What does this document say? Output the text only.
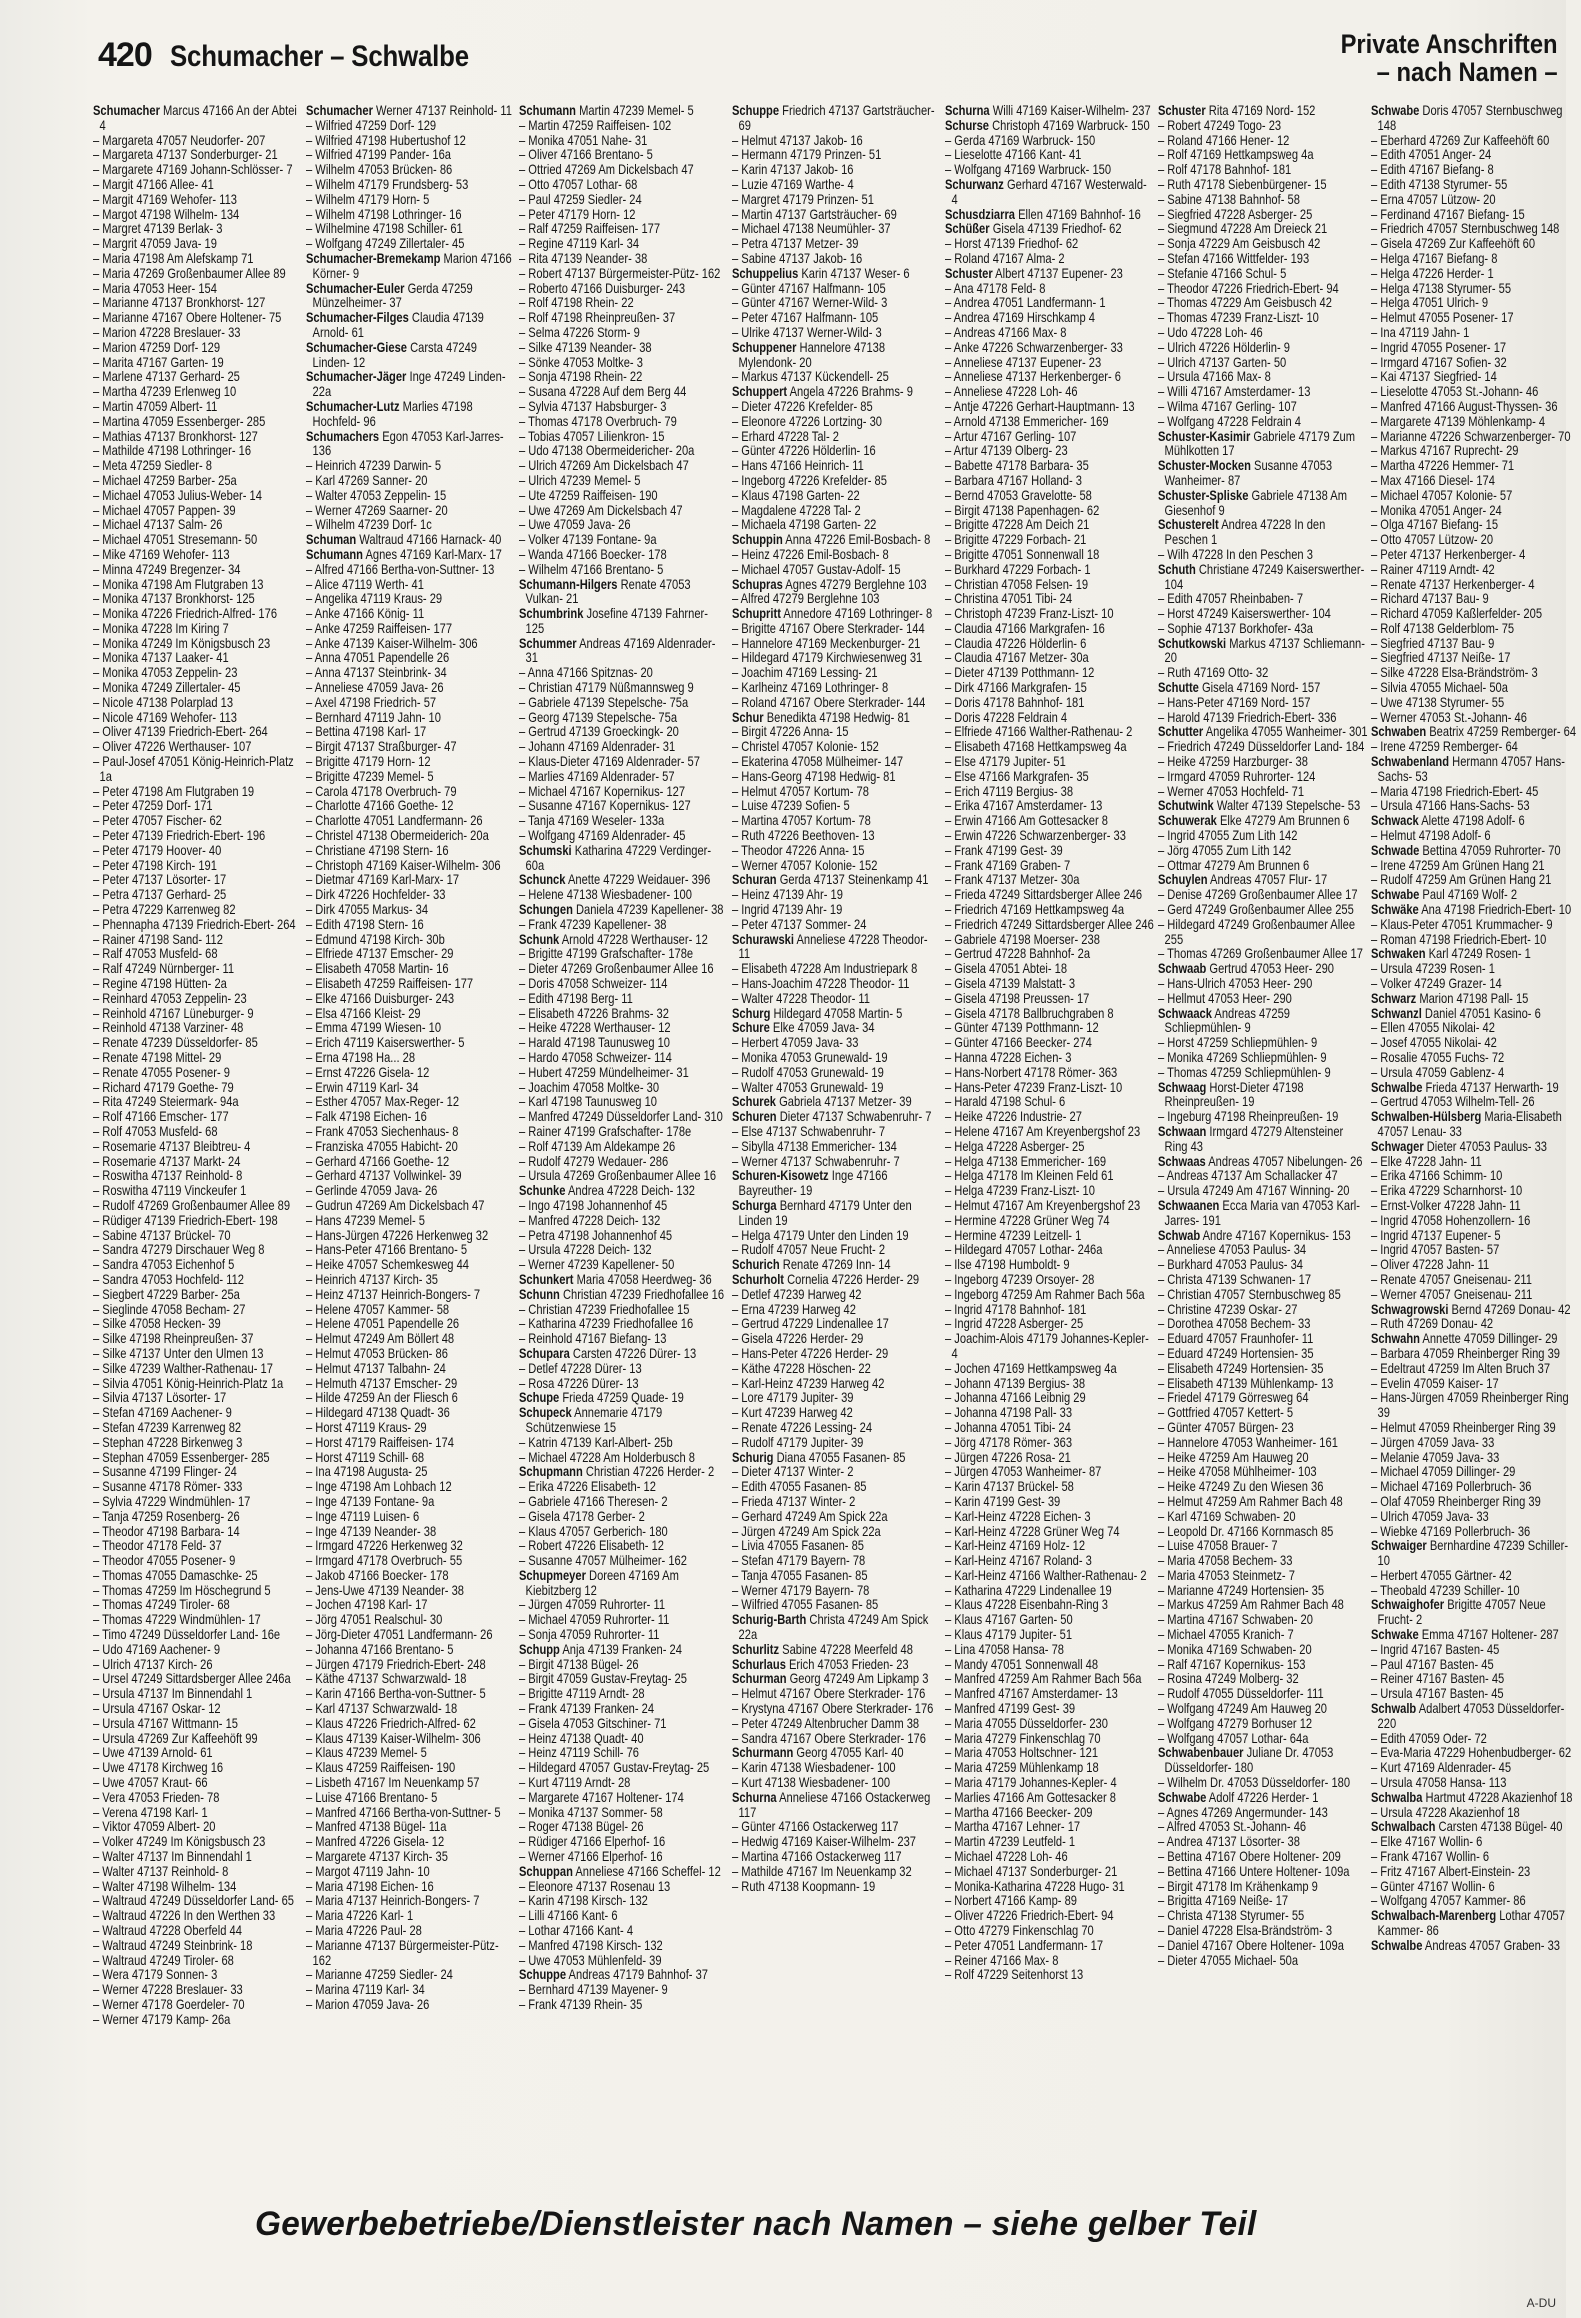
420 Schumacher – Schwalbe	Private Anschriften
– nach Namen –
Schumacher Marcus 47166 An der Abtei 4
– Margareta 47057 Neudorfer- 207
– Margareta 47137 Sonderburger- 21
– Margarete 47169 Johann-Schlösser- 7
– Margit 47166 Allee- 41
– Margit 47169 Wehofer- 113
– Margot 47198 Wilhelm- 134
– Margret 47139 Berlak- 3
– Margrit 47059 Java- 19
– Maria 47198 Am Alefskamp 71
– Maria 47269 Großenbaumer Allee 89
– Maria 47053 Heer- 154
– Marianne 47137 Bronkhorst- 127
– Marianne 47167 Obere Holtener- 75
– Marion 47228 Breslauer- 33
– Marion 47259 Dorf- 129
– Marita 47167 Garten- 19
– Marlene 47137 Gerhard- 25
– Martha 47239 Erlenweg 10
– Martin 47059 Albert- 11
– Martina 47059 Essenberger- 285
– Mathias 47137 Bronkhorst- 127
– Mathilde 47198 Lothringer- 16
– Meta 47259 Siedler- 8
– Michael 47259 Barber- 25a
– Michael 47053 Julius-Weber- 14
– Michael 47057 Pappen- 39
– Michael 47137 Salm- 26
– Michael 47051 Stresemann- 50
– Mike 47169 Wehofer- 113
– Minna 47249 Bregenzer- 34
– Monika 47198 Am Flutgraben 13
– Monika 47137 Bronkhorst- 125
– Monika 47226 Friedrich-Alfred- 176
– Monika 47228 Im Kiring 7
– Monika 47249 Im Königsbusch 23
– Monika 47137 Laaker- 41
– Monika 47053 Zeppelin- 23
– Monika 47249 Zillertaler- 45
– Nicole 47138 Polarplad 13
– Nicole 47169 Wehofer- 113
– Oliver 47139 Friedrich-Ebert- 264
– Oliver 47226 Werthauser- 107
– Paul-Josef 47051 König-Heinrich-Platz 1a
– Peter 47198 Am Flutgraben 19
– Peter 47259 Dorf- 171
– Peter 47057 Fischer- 62
– Peter 47139 Friedrich-Ebert- 196
– Peter 47179 Hoover- 40
– Peter 47198 Kirch- 191
– Peter 47137 Lösorter- 17
– Petra 47137 Gerhard- 25
– Petra 47229 Karrenweg 82
– Phennapha 47139 Friedrich-Ebert- 264
– Rainer 47198 Sand- 112
– Ralf 47053 Musfeld- 68
– Ralf 47249 Nürnberger- 11
– Regine 47198 Hütten- 2a
– Reinhard 47053 Zeppelin- 23
– Reinhold 47167 Lüneburger- 9
– Reinhold 47138 Varziner- 48
– Renate 47239 Düsseldorfer- 85
– Renate 47198 Mittel- 29
– Renate 47055 Posener- 9
– Richard 47179 Goethe- 79
– Rita 47249 Steiermark- 94a
– Rolf 47166 Emscher- 177
– Rolf 47053 Musfeld- 68
– Rosemarie 47137 Bleibtreu- 4
– Rosemarie 47137 Markt- 24
– Roswitha 47137 Reinhold- 8
– Roswitha 47119 Vinckeufer 1
– Rudolf 47269 Großenbaumer Allee 89
– Rüdiger 47139 Friedrich-Ebert- 198
– Sabine 47137 Brückel- 70
– Sandra 47279 Dirschauer Weg 8
– Sandra 47053 Eichenhof 5
– Sandra 47053 Hochfeld- 112
– Siegbert 47229 Barber- 25a
– Sieglinde 47058 Becham- 27
– Silke 47058 Hecken- 39
– Silke 47198 Rheinpreußen- 37
– Silke 47137 Unter den Ulmen 13
– Silke 47239 Walther-Rathenau- 17
– Silvia 47051 König-Heinrich-Platz 1a
– Silvia 47137 Lösorter- 17
– Stefan 47169 Aachener- 9
– Stefan 47239 Karrenweg 82
– Stephan 47228 Birkenweg 3
– Stephan 47059 Essenberger- 285
– Susanne 47199 Flinger- 24
– Susanne 47178 Römer- 333
– Sylvia 47229 Windmühlen- 17
– Tanja 47259 Rosenberg- 26
– Theodor 47198 Barbara- 14
– Theodor 47178 Feld- 37
– Theodor 47055 Posener- 9
– Thomas 47055 Damaschke- 25
– Thomas 47259 Im Höschegrund 5
– Thomas 47249 Tiroler- 68
– Thomas 47229 Windmühlen- 17
– Timo 47249 Düsseldorfer Land- 16e
– Udo 47169 Aachener- 9
– Ulrich 47137 Kirch- 26
– Ursel 47249 Sittardsberger Allee 246a
– Ursula 47137 Im Binnendahl 1
– Ursula 47167 Oskar- 12
– Ursula 47167 Wittmann- 15
– Ursula 47269 Zur Kaffeehöft 99
– Uwe 47139 Arnold- 61
– Uwe 47178 Kirchweg 16
– Uwe 47057 Kraut- 66
– Vera 47053 Frieden- 78
– Verena 47198 Karl- 1
– Viktor 47059 Albert- 20
– Volker 47249 Im Königsbusch 23
– Walter 47137 Im Binnendahl 1
– Walter 47137 Reinhold- 8
– Walter 47198 Wilhelm- 134
– Waltraud 47249 Düsseldorfer Land- 65
– Waltraud 47226 In den Werthen 33
– Waltraud 47228 Oberfeld 44
– Waltraud 47249 Steinbrink- 18
– Waltraud 47249 Tiroler- 68
– Wera 47179 Sonnen- 3
– Werner 47228 Breslauer- 33
– Werner 47178 Goerdeler- 70
– Werner 47179 Kamp- 26a
Schumacher Werner 47137 Reinhold- 11
– Wilfried 47259 Dorf- 129
– Wilfried 47198 Hubertushof 12
– Wilfried 47199 Pander- 16a
– Wilhelm 47053 Brücken- 86
– Wilhelm 47179 Frundsberg- 53
– Wilhelm 47179 Horn- 5
– Wilhelm 47198 Lothringer- 16
– Wilhelmine 47198 Schiller- 61
– Wolfgang 47249 Zillertaler- 45
Schumacher-Bremekamp Marion 47166 Körner- 9
Schumacher-Euler Gerda 47259 Münzelheimer- 37
Schumacher-Filges Claudia 47139 Arnold- 61
Schumacher-Giese Carsta 47249 Linden- 12
Schumacher-Jäger Inge 47249 Linden- 22a
Schumacher-Lutz Marlies 47198 Hochfeld- 96
Schumachers Egon 47053 Karl-Jarres- 136
– Heinrich 47239 Darwin- 5
– Karl 47269 Sanner- 20
– Walter 47053 Zeppelin- 15
– Werner 47269 Saarner- 20
– Wilhelm 47239 Dorf- 1c
Schuman Waltraud 47166 Harnack- 40
Schumann Agnes 47169 Karl-Marx- 17
– Alfred 47166 Bertha-von-Suttner- 13
– Alice 47119 Werth- 41
– Angelika 47119 Kraus- 29
– Anke 47166 König- 11
– Anke 47259 Raiffeisen- 177
– Anke 47139 Kaiser-Wilhelm- 306
– Anna 47051 Papendelle 26
– Anna 47137 Steinbrink- 34
– Anneliese 47059 Java- 26
– Axel 47198 Friedrich- 57
– Bernhard 47119 Jahn- 10
– Bettina 47198 Karl- 17
– Birgit 47137 Straßburger- 47
– Brigitte 47179 Horn- 12
– Brigitte 47239 Memel- 5
– Carola 47178 Overbruch- 79
– Charlotte 47166 Goethe- 12
– Charlotte 47051 Landfermann- 26
– Christel 47138 Obermeiderich- 20a
– Christiane 47198 Stern- 16
– Christoph 47169 Kaiser-Wilhelm- 306
– Dietmar 47169 Karl-Marx- 17
– Dirk 47226 Hochfelder- 33
– Dirk 47055 Markus- 34
– Edith 47198 Stern- 16
– Edmund 47198 Kirch- 30b
– Elfriede 47137 Emscher- 29
– Elisabeth 47058 Martin- 16
– Elisabeth 47259 Raiffeisen- 177
– Elke 47166 Duisburger- 243
– Elsa 47166 Kleist- 29
– Emma 47199 Wiesen- 10
– Erich 47119 Kaiserswerther- 5
– Erna 47198 Ha... 28
– Ernst 47226 Gisela- 12
– Erwin 47119 Karl- 34
– Esther 47057 Max-Reger- 12
– Falk 47198 Eichen- 16
– Frank 47053 Siechenhaus- 8
– Franziska 47055 Habicht- 20
– Gerhard 47166 Goethe- 12
– Gerhard 47137 Vollwinkel- 39
– Gerlinde 47059 Java- 26
– Gudrun 47269 Am Dickelsbach 47
– Hans 47239 Memel- 5
– Hans-Jürgen 47226 Herkenweg 32
– Hans-Peter 47166 Brentano- 5
– Heike 47057 Schemkesweg 44
– Heinrich 47137 Kirch- 35
– Heinz 47137 Heinrich-Bongers- 7
– Helene 47057 Kammer- 58
– Helene 47051 Papendelle 26
– Helmut 47249 Am Böllert 48
– Helmut 47053 Brücken- 86
– Helmut 47137 Talbahn- 24
– Helmuth 47137 Emscher- 29
– Hilde 47259 An der Fliesch 6
– Hildegard 47138 Quadt- 36
– Horst 47119 Kraus- 29
– Horst 47179 Raiffeisen- 174
– Horst 47119 Schill- 68
– Ina 47198 Augusta- 25
– Inge 47198 Am Lohbach 12
– Inge 47139 Fontane- 9a
– Inge 47119 Luisen- 6
– Inge 47139 Neander- 38
– Irmgard 47226 Herkenweg 32
– Irmgard 47178 Overbruch- 55
– Jakob 47166 Boecker- 178
– Jens-Uwe 47139 Neander- 38
– Jochen 47198 Karl- 17
– Jörg 47051 Realschul- 30
– Jörg-Dieter 47051 Landfermann- 26
– Johanna 47166 Brentano- 5
– Jürgen 47179 Friedrich-Ebert- 248
– Käthe 47137 Schwarzwald- 18
– Karin 47166 Bertha-von-Suttner- 5
– Karl 47137 Schwarzwald- 18
– Klaus 47226 Friedrich-Alfred- 62
– Klaus 47139 Kaiser-Wilhelm- 306
– Klaus 47239 Memel- 5
– Klaus 47259 Raiffeisen- 190
– Lisbeth 47167 Im Neuenkamp 57
– Luise 47166 Brentano- 5
– Manfred 47166 Bertha-von-Suttner- 5
– Manfred 47138 Bügel- 11a
– Manfred 47226 Gisela- 12
– Margarete 47137 Kirch- 35
– Margot 47119 Jahn- 10
– Maria 47198 Eichen- 16
– Maria 47137 Heinrich-Bongers- 7
– Maria 47226 Karl- 1
– Maria 47226 Paul- 28
– Marianne 47137 Bürgermeister-Pütz- 162
– Marianne 47259 Siedler- 24
– Marina 47119 Karl- 34
– Marion 47059 Java- 26
Schumann Martin 47239 Memel- 5
– Martin 47259 Raiffeisen- 102
– Monika 47051 Nahe- 31
– Oliver 47166 Brentano- 5
– Ottried 47269 Am Dickelsbach 47
– Otto 47057 Lothar- 68
– Paul 47259 Siedler- 24
– Peter 47179 Horn- 12
– Ralf 47259 Raiffeisen- 177
– Regine 47119 Karl- 34
– Rita 47139 Neander- 38
– Robert 47137 Bürgermeister-Pütz- 162
– Roberto 47166 Duisburger- 243
– Rolf 47198 Rhein- 22
– Rolf 47198 Rheinpreußen- 37
– Selma 47226 Storm- 9
– Silke 47139 Neander- 38
– Sönke 47053 Moltke- 3
– Sonja 47198 Rhein- 22
– Susana 47228 Auf dem Berg 44
– Sylvia 47137 Habsburger- 3
– Thomas 47178 Overbruch- 79
– Tobias 47057 Lilienkron- 15
– Udo 47138 Obermeidericher- 20a
– Ulrich 47269 Am Dickelsbach 47
– Ulrich 47239 Memel- 5
– Ute 47259 Raiffeisen- 190
– Uwe 47269 Am Dickelsbach 47
– Uwe 47059 Java- 26
– Volker 47139 Fontane- 9a
– Wanda 47166 Boecker- 178
– Wilhelm 47166 Brentano- 5
Schumann-Hilgers Renate 47053 Vulkan- 21
Schumbrink Josefine 47139 Fahrner- 125
Schummer Andreas 47169 Aldenrader- 31
– Anna 47166 Spitznas- 20
– Christian 47179 Nüßmannsweg 9
– Gabriele 47139 Stepelsche- 75a
– Georg 47139 Stepelsche- 75a
– Gertrud 47139 Groeckingk- 20
– Johann 47169 Aldenrader- 31
– Klaus-Dieter 47169 Aldenrader- 57
– Marlies 47169 Aldenrader- 57
– Michael 47167 Kopernikus- 127
– Susanne 47167 Kopernikus- 127
– Tanja 47169 Weseler- 133a
– Wolfgang 47169 Aldenrader- 45
Schumski Katharina 47229 Verdinger- 60a
Schunck Anette 47229 Weidauer- 396
– Helene 47138 Wiesbadener- 100
Schungen Daniela 47239 Kapellener- 38
– Frank 47239 Kapellener- 38
Schunk Arnold 47228 Werthauser- 12
– Brigitte 47199 Grafschafter- 178e
– Dieter 47269 Großenbaumer Allee 16
– Doris 47058 Schweizer- 114
– Edith 47198 Berg- 11
– Elisabeth 47226 Brahms- 32
– Heike 47228 Werthauser- 12
– Harald 47198 Taunusweg 10
– Hardo 47058 Schweizer- 114
– Hubert 47259 Mündelheimer- 31
– Joachim 47058 Moltke- 30
– Karl 47198 Taunusweg 10
– Manfred 47249 Düsseldorfer Land- 310
– Rainer 47199 Grafschafter- 178e
– Rolf 47139 Am Aldekampe 26
– Rudolf 47279 Wedauer- 286
– Ursula 47269 Großenbaumer Allee 16
Schunke Andrea 47228 Deich- 132
– Ingo 47198 Johannenhof 45
– Manfred 47228 Deich- 132
– Petra 47198 Johannenhof 45
– Ursula 47228 Deich- 132
– Werner 47239 Kapellener- 50
Schunkert Maria 47058 Heerdweg- 36
Schunn Christian 47239 Friedhofallee 16
– Christian 47239 Friedhofallee 15
– Katharina 47239 Friedhofallee 16
– Reinhold 47167 Biefang- 13
Schupara Carsten 47226 Dürer- 13
– Detlef 47228 Dürer- 13
– Rosa 47226 Dürer- 13
Schupe Frieda 47259 Quade- 19
Schupeck Annemarie 47179 Schützenwiese 15
– Katrin 47139 Karl-Albert- 25b
– Michael 47228 Am Holderbusch 8
Schupmann Christian 47226 Herder- 2
– Erika 47226 Elisabeth- 12
– Gabriele 47166 Theresen- 2
– Gisela 47178 Gerber- 2
– Klaus 47057 Gerberich- 180
– Robert 47226 Elisabeth- 12
– Susanne 47057 Mülheimer- 162
Schupmeyer Doreen 47169 Am Kiebitzberg 12
– Jürgen 47059 Ruhrorter- 11
– Michael 47059 Ruhrorter- 11
– Sonja 47059 Ruhrorter- 11
Schupp Anja 47139 Franken- 24
– Birgit 47138 Bügel- 26
– Birgit 47059 Gustav-Freytag- 25
– Brigitte 47119 Arndt- 28
– Frank 47139 Franken- 24
– Gisela 47053 Gitschiner- 71
– Heinz 47138 Quadt- 40
– Heinz 47119 Schill- 76
– Hildegard 47057 Gustav-Freytag- 25
– Kurt 47119 Arndt- 28
– Margarete 47167 Holtener- 174
– Monika 47137 Sommer- 58
– Roger 47138 Bügel- 26
– Rüdiger 47166 Elperhof- 16
– Werner 47166 Elperhof- 16
Schuppan Anneliese 47166 Scheffel- 12
– Eleonore 47137 Rosenau 13
– Karin 47198 Kirsch- 132
– Lilli 47166 Kant- 6
– Lothar 47166 Kant- 4
– Manfred 47198 Kirsch- 132
– Uwe 47053 Mühlenfeld- 39
Schuppe Andreas 47179 Bahnhof- 37
– Bernhard 47139 Mayener- 9
– Frank 47139 Rhein- 35
Schuppe Friedrich 47137 Gartsträucher- 69
– Helmut 47137 Jakob- 16
– Hermann 47179 Prinzen- 51
– Karin 47137 Jakob- 16
– Luzie 47169 Warthe- 4
– Margret 47179 Prinzen- 51
– Martin 47137 Gartsträucher- 69
– Michael 47138 Neumühler- 37
– Petra 47137 Metzer- 39
– Sabine 47137 Jakob- 16
Schuppelius Karin 47137 Weser- 6
– Günter 47167 Halfmann- 105
– Günter 47167 Werner-Wild- 3
– Peter 47167 Halfmann- 105
– Ulrike 47137 Werner-Wild- 3
Schuppener Hannelore 47138 Mylendonk- 20
– Markus 47137 Kückendell- 25
Schuppert Angela 47226 Brahms- 9
– Dieter 47226 Krefelder- 85
– Eleonore 47226 Lortzing- 30
– Erhard 47228 Tal- 2
– Günter 47226 Hölderlin- 16
– Hans 47166 Heinrich- 11
– Ingeborg 47226 Krefelder- 85
– Klaus 47198 Garten- 22
– Magdalene 47228 Tal- 2
– Michaela 47198 Garten- 22
Schuppin Anna 47226 Emil-Bosbach- 8
– Heinz 47226 Emil-Bosbach- 8
– Michael 47057 Gustav-Adolf- 15
Schupras Agnes 47279 Berglehne 103
– Alfred 47279 Berglehne 103
Schupritt Annedore 47169 Lothringer- 8
– Brigitte 47167 Obere Sterkrader- 144
– Hannelore 47169 Meckenburger- 21
– Hildegard 47179 Kirchwiesenweg 31
– Joachim 47169 Lessing- 21
– Karlheinz 47169 Lothringer- 8
– Roland 47167 Obere Sterkrader- 144
Schur Benedikta 47198 Hedwig- 81
– Birgit 47226 Anna- 15
– Christel 47057 Koloniе- 152
– Ekaterina 47058 Mülheimer- 147
– Hans-Georg 47198 Hedwig- 81
– Helmut 47057 Kortum- 78
– Luise 47239 Sofien- 5
– Martina 47057 Kortum- 78
– Ruth 47226 Beethoven- 13
– Theodor 47226 Anna- 15
– Werner 47057 Kolonie- 152
Schuran Gerda 47137 Steinenkamp 41
– Heinz 47139 Ahr- 19
– Ingrid 47139 Ahr- 19
– Peter 47137 Sommer- 24
Schurawski Anneliese 47228 Theodor- 11
– Elisabeth 47228 Am Industriepark 8
– Hans-Joachim 47228 Theodor- 11
– Walter 47228 Theodor- 11
Schurg Hildegard 47058 Martin- 5
Schure Elke 47059 Java- 34
– Herbert 47059 Java- 33
– Monika 47053 Grunewald- 19
– Rudolf 47053 Grunewald- 19
– Walter 47053 Grunewald- 19
Schurek Gabriela 47137 Metzer- 39
Schuren Dieter 47137 Schwabenruhr- 7
– Else 47137 Schwabenruhr- 7
– Sibylla 47138 Emmericher- 134
– Werner 47137 Schwabenruhr- 7
Schuren-Kisowetz Inge 47166 Bayreuther- 19
Schurga Bernhard 47179 Unter den Linden 19
– Helga 47179 Unter den Linden 19
– Rudolf 47057 Neue Frucht- 2
Schurich Renate 47269 Inn- 14
Schurholt Cornelia 47226 Herder- 29
– Detlef 47239 Harweg 42
– Erna 47239 Harweg 42
– Gertrud 47229 Lindenallee 17
– Gisela 47226 Herder- 29
– Hans-Peter 47226 Herder- 29
– Käthe 47228 Höschen- 22
– Karl-Heinz 47239 Harweg 42
– Lore 47179 Jupiter- 39
– Kurt 47239 Harweg 42
– Renate 47226 Lessing- 24
– Rudolf 47179 Jupiter- 39
Schurig Diana 47055 Fasanen- 85
– Dieter 47137 Winter- 2
– Edith 47055 Fasanen- 85
– Frieda 47137 Winter- 2
– Gerhard 47249 Am Spick 22a
– Jürgen 47249 Am Spick 22a
– Livia 47055 Fasanen- 85
– Stefan 47179 Bayern- 78
– Tanja 47055 Fasanen- 85
– Werner 47179 Bayern- 78
– Wilfried 47055 Fasanen- 85
Schurig-Barth Christa 47249 Am Spick 22a
Schurlitz Sabine 47228 Meerfeld 48
Schurlaus Erich 47053 Frieden- 23
Schurman Georg 47249 Am Lipkamp 3
– Helmut 47167 Obere Sterkrader- 176
– Krystyna 47167 Obere Sterkrader- 176
– Peter 47249 Altenbrucher Damm 38
– Sandra 47167 Obere Sterkrader- 176
Schurmann Georg 47055 Karl- 40
– Karin 47138 Wiesbadener- 100
– Kurt 47138 Wiesbadener- 100
Schurna Anneliese 47166 Ostackerweg 117
– Günter 47166 Ostackerweg 117
– Hedwig 47169 Kaiser-Wilhelm- 237
– Martina 47166 Ostackerweg 117
– Mathilde 47167 Im Neuenkamp 32
– Ruth 47138 Koopmann- 19
Schurna Willi 47169 Kaiser-Wilhelm- 237
Schurse Christoph 47169 Warbruck- 150
– Gerda 47169 Warbruck- 150
– Lieselotte 47166 Kant- 41
– Wolfgang 47169 Warbruck- 150
Schurwanz Gerhard 47167 Westerwald- 4
Schusdziarra Ellen 47169 Bahnhof- 16
Schüßer Gisela 47139 Friedhof- 62
– Horst 47139 Friedhof- 62
– Roland 47167 Alma- 2
Schuster Albert 47137 Eupener- 23
– Ana 47178 Feld- 8
– Andrea 47051 Landfermann- 1
– Andrea 47169 Hirschkamp 4
– Andreas 47166 Max- 8
– Anke 47226 Schwarzenberger- 33
– Anneliese 47137 Eupener- 23
– Anneliese 47137 Herkenberger- 6
– Anneliese 47228 Loh- 46
– Antje 47226 Gerhart-Hauptmann- 13
– Arnold 47138 Emmericher- 169
– Artur 47167 Gerling- 107
– Artur 47139 Olberg- 23
– Babette 47178 Barbara- 35
– Barbara 47167 Holland- 3
– Bernd 47053 Gravelotte- 58
– Birgit 47138 Papenhagen- 62
– Brigitte 47228 Am Deich 21
– Brigitte 47229 Forbach- 21
– Brigitte 47051 Sonnenwall 18
– Burkhard 47229 Forbach- 1
– Christian 47058 Felsen- 19
– Christina 47051 Tibi- 24
– Christoph 47239 Franz-Liszt- 10
– Claudia 47166 Markgrafen- 16
– Claudia 47226 Hölderlin- 6
– Claudia 47167 Metzer- 30a
– Dieter 47139 Potthmann- 12
– Dirk 47166 Markgrafen- 15
– Doris 47178 Bahnhof- 181
– Doris 47228 Feldrain 4
– Elfriede 47166 Walther-Rathenau- 2
– Elisabeth 47168 Hettkampsweg 4a
– Else 47179 Jupiter- 51
– Else 47166 Markgrafen- 35
– Erich 47119 Bergius- 38
– Erika 47167 Amsterdamer- 13
– Erwin 47166 Am Gottesacker 8
– Erwin 47226 Schwarzenberger- 33
– Frank 47199 Gest- 39
– Frank 47169 Graben- 7
– Frank 47137 Metzer- 30a
– Frieda 47249 Sittardsberger Allee 246
– Friedrich 47169 Hettkampsweg 4a
– Friedrich 47249 Sittardsberger Allee 246
– Gabriele 47198 Moerser- 238
– Gertrud 47228 Bahnhof- 2a
– Gisela 47051 Abtei- 18
– Gisela 47139 Malstatt- 3
– Gisela 47198 Preussen- 17
– Gisela 47178 Ballbruchgraben 8
– Günter 47139 Potthmann- 12
– Günter 47166 Beecker- 274
– Hanna 47228 Eichen- 3
– Hans-Norbert 47178 Römer- 363
– Hans-Peter 47239 Franz-Liszt- 10
– Harald 47198 Schul- 6
– Heike 47226 Industrie- 27
– Helene 47167 Am Kreyenbergshof 23
– Helga 47228 Asberger- 25
– Helga 47138 Emmericher- 169
– Helga 47178 Im Kleinen Feld 61
– Helga 47239 Franz-Liszt- 10
– Helmut 47167 Am Kreyenbergshof 23
– Hermine 47228 Grüner Weg 74
– Hermine 47239 Leitzell- 1
– Hildegard 47057 Lothar- 246a
– Ilse 47198 Humboldt- 9
– Ingeborg 47239 Orsoyer- 28
– Ingeborg 47259 Am Rahmer Bach 56a
– Ingrid 47178 Bahnhof- 181
– Ingrid 47228 Asberger- 25
– Joachim-Alois 47179 Johannes-Kepler- 4
– Jochen 47169 Hettkampsweg 4a
– Johann 47139 Bergius- 38
– Johanna 47166 Leibnig 29
– Johanna 47198 Pall- 33
– Johanna 47051 Tibi- 24
– Jörg 47178 Römer- 363
– Jürgen 47226 Rosa- 21
– Jürgen 47053 Wanheimer- 87
– Karin 47137 Brückel- 58
– Karin 47199 Gest- 39
– Karl-Heinz 47228 Eichen- 3
– Karl-Heinz 47228 Grüner Weg 74
– Karl-Heinz 47169 Holz- 12
– Karl-Heinz 47167 Roland- 3
– Karl-Heinz 47166 Walther-Rathenau- 2
– Katharina 47229 Lindenallee 19
– Klaus 47228 Eisenbahn-Ring 3
– Klaus 47167 Garten- 50
– Klaus 47179 Jupiter- 51
– Lina 47058 Hansa- 78
– Mandy 47051 Sonnenwall 48
– Manfred 47259 Am Rahmer Bach 56a
– Manfred 47167 Amsterdamer- 13
– Manfred 47199 Gest- 39
– Maria 47055 Düsseldorfer- 230
– Maria 47279 Finkenschlag 70
– Maria 47053 Holtschner- 121
– Maria 47259 Mühlenkamp 18
– Maria 47179 Johannes-Kepler- 4
– Marlies 47166 Am Gottesacker 8
– Martha 47166 Beecker- 209
– Martha 47167 Lehner- 17
– Martin 47239 Leutfeld- 1
– Michael 47228 Loh- 46
– Michael 47137 Sonderburger- 21
– Monika-Katharina 47228 Hugo- 31
– Norbert 47166 Kamp- 89
– Oliver 47226 Friedrich-Ebert- 94
– Otto 47279 Finkenschlag 70
– Peter 47051 Landfermann- 17
– Reiner 47166 Max- 8
– Rolf 47229 Seitenhorst 13
Schuster Rita 47169 Nord- 152
– Robert 47249 Togo- 23
– Roland 47166 Hener- 12
– Rolf 47169 Hettkampsweg 4a
– Rolf 47178 Bahnhof- 181
– Ruth 47178 Siebenbürgener- 15
– Sabine 47138 Bahnhof- 58
– Siegfried 47228 Asberger- 25
– Siegmund 47228 Am Dreieck 21
– Sonja 47229 Am Geisbusch 42
– Stefan 47166 Wittfelder- 193
– Stefanie 47166 Schul- 5
– Theodor 47226 Friedrich-Ebert- 94
– Thomas 47229 Am Geisbusch 42
– Thomas 47239 Franz-Liszt- 10
– Udo 47228 Loh- 46
– Ulrich 47226 Hölderlin- 9
– Ulrich 47137 Garten- 50
– Ursula 47166 Max- 8
– Willi 47167 Amsterdamer- 13
– Wilma 47167 Gerling- 107
– Wolfgang 47228 Feldrain 4
Schuster-Kasimir Gabriele 47179 Zum Mühlkotten 17
Schuster-Mocken Susanne 47053 Wanheimer- 87
Schuster-Spliske Gabriele 47138 Am Giesenhof 9
Schusterelt Andrea 47228 In den Peschen 1
– Wilh 47228 In den Peschen 3
Schuth Christiane 47249 Kaiserswerther- 104
– Edith 47057 Rheinbaben- 7
– Horst 47249 Kaiserswerther- 104
– Sophie 47137 Borkhofer- 43a
Schutkowski Markus 47137 Schliemann- 20
– Ruth 47169 Otto- 32
Schutte Gisela 47169 Nord- 157
– Hans-Peter 47169 Nord- 157
– Harold 47139 Friedrich-Ebert- 336
Schutter Angelika 47055 Wanheimer- 301
– Friedrich 47249 Düsseldorfer Land- 184
– Heike 47259 Harzburger- 38
– Irmgard 47059 Ruhrorter- 124
– Werner 47053 Hochfeld- 71
Schutwink Walter 47139 Stepelsche- 53
Schuwerak Elke 47279 Am Brunnen 6
– Ingrid 47055 Zum Lith 142
– Jörg 47055 Zum Lith 142
– Ottmar 47279 Am Brunnen 6
Schuylen Andreas 47057 Flur- 17
– Denise 47269 Großenbaumer Allee 17
– Gerd 47249 Großenbaumer Allee 255
– Hildegard 47249 Großenbaumer Allee 255
– Thomas 47269 Großenbaumer Allee 17
Schwaab Gertrud 47053 Heer- 290
– Hans-Ulrich 47053 Heer- 290
– Hellmut 47053 Heer- 290
Schwaack Andreas 47259 Schliepmühlen- 9
– Horst 47259 Schliepmühlen- 9
– Monika 47269 Schliepmühlen- 9
– Thomas 47259 Schliepmühlen- 9
Schwaag Horst-Dieter 47198 Rheinpreußen- 19
– Ingeburg 47198 Rheinpreußen- 19
Schwaan Irmgard 47279 Altensteiner Ring 43
Schwaas Andreas 47057 Nibelungen- 26
– Andreas 47137 Am Schallacker 47
– Ursula 47249 Am 47167 Winning- 20
Schwaanen Ecca Maria van 47053 Karl-Jarres- 191
Schwab Andre 47167 Kopernikus- 153
– Anneliese 47053 Paulus- 34
– Burkhard 47053 Paulus- 34
– Christa 47139 Schwanen- 17
– Christian 47057 Sternbuschweg 85
– Christine 47239 Oskar- 27
– Dorothea 47058 Bechem- 33
– Eduard 47057 Fraunhofer- 11
– Eduard 47249 Hortensien- 35
– Elisabeth 47249 Hortensien- 35
– Elisabeth 47139 Mühlenkamp- 13
– Friedel 47179 Görresweg 64
– Gottfried 47057 Kettert- 5
– Günter 47057 Bürgen- 23
– Hannelore 47053 Wanheimer- 161
– Heike 47259 Am Hauweg 20
– Heike 47058 Mühlheimer- 103
– Heike 47249 Zu den Wiesen 36
– Helmut 47259 Am Rahmer Bach 48
– Karl 47169 Schwaben- 20
– Leopold Dr. 47166 Kornmasch 85
– Luise 47058 Brauer- 7
– Maria 47058 Bechem- 33
– Maria 47053 Steinmetz- 7
– Marianne 47249 Hortensien- 35
– Markus 47259 Am Rahmer Bach 48
– Martina 47167 Schwaben- 20
– Michael 47055 Kranich- 7
– Monika 47169 Schwaben- 20
– Ralf 47167 Kopernikus- 153
– Rosina 47249 Molberg- 32
– Rudolf 47055 Düsseldorfer- 111
– Wolfgang 47249 Am Hauweg 20
– Wolfgang 47279 Borhuser 12
– Wolfgang 47057 Lothar- 64a
Schwabenbauer Juliane Dr. 47053 Düsseldorfer- 180
– Wilhelm Dr. 47053 Düsseldorfer- 180
Schwabe Adolf 47226 Herder- 1
– Agnes 47269 Angermunder- 143
– Alfred 47053 St.-Johann- 46
– Andrea 47137 Lösorter- 38
– Bettina 47167 Obere Holtener- 209
– Bettina 47166 Untere Holtener- 109a
– Birgit 47178 Im Krähenkamp 9
– Brigitta 47169 Neiße- 17
– Christa 47138 Styrumer- 55
– Daniel 47228 Elsa-Brändström- 3
– Daniel 47167 Obere Holtener- 109a
– Dieter 47055 Michael- 50a
Schwabe Doris 47057 Sternbuschweg 148
– Eberhard 47269 Zur Kaffeehöft 60
– Edith 47051 Anger- 24
– Edith 47167 Biefang- 8
– Edith 47138 Styrumer- 55
– Erna 47057 Lützow- 20
– Ferdinand 47167 Biefang- 15
– Friedrich 47057 Sternbuschweg 148
– Gisela 47269 Zur Kaffeehöft 60
– Helga 47167 Biefang- 8
– Helga 47226 Herder- 1
– Helga 47138 Styrumer- 55
– Helga 47051 Ulrich- 9
– Helmut 47055 Posener- 17
– Ina 47119 Jahn- 1
– Ingrid 47055 Posener- 17
– Irmgard 47167 Sofien- 32
– Kai 47137 Siegfried- 14
– Lieselotte 47053 St.-Johann- 46
– Manfred 47166 August-Thyssen- 36
– Margarete 47139 Möhlenkamp- 4
– Marianne 47226 Schwarzenberger- 70
– Markus 47167 Ruprecht- 29
– Martha 47226 Hemmer- 71
– Max 47166 Diesel- 174
– Michael 47057 Kolonie- 57
– Monika 47051 Anger- 24
– Olga 47167 Biefang- 15
– Otto 47057 Lützow- 20
– Peter 47137 Herkenberger- 4
– Rainer 47119 Arndt- 42
– Renate 47137 Herkenberger- 4
– Richard 47137 Bau- 9
– Richard 47059 Kaßlerfelder- 205
– Rolf 47138 Gelderblom- 75
– Siegfried 47137 Bau- 9
– Siegfried 47137 Neiße- 17
– Silke 47228 Elsa-Brändström- 3
– Silvia 47055 Michael- 50a
– Uwe 47138 Styrumer- 55
– Werner 47053 St.-Johann- 46
Schwaben Beatrix 47259 Remberger- 64
– Irene 47259 Remberger- 64
Schwabenland Hermann 47057 Hans-Sachs- 53
– Maria 47198 Friedrich-Ebert- 45
– Ursula 47166 Hans-Sachs- 53
Schwack Alette 47198 Adolf- 6
– Helmut 47198 Adolf- 6
Schwade Bettina 47059 Ruhrorter- 70
– Irene 47259 Am Grünen Hang 21
– Rudolf 47259 Am Grünen Hang 21
Schwabe Paul 47169 Wolf- 2
Schwäke Ana 47198 Friedrich-Ebert- 10
– Klaus-Peter 47051 Krummacher- 9
– Roman 47198 Friedrich-Ebert- 10
Schwaken Karl 47249 Rosen- 1
– Ursula 47239 Rosen- 1
– Volker 47249 Grazer- 14
Schwarz Marion 47198 Pall- 15
Schwanzl Daniel 47051 Kasino- 6
– Ellen 47055 Nikolai- 42
– Josef 47055 Nikolai- 42
– Rosalie 47055 Fuchs- 72
– Ursula 47059 Gablenz- 4
Schwalbe Frieda 47137 Herwarth- 19
– Gertrud 47053 Wilhelm-Tell- 26
Schwalben-Hülsberg Maria-Elisabeth 47057 Lenau- 33
Schwager Dieter 47053 Paulus- 33
– Elke 47228 Jahn- 11
– Erika 47166 Schimm- 10
– Erika 47229 Scharnhorst- 10
– Ernst-Volker 47228 Jahn- 11
– Ingrid 47058 Hohenzollern- 16
– Ingrid 47137 Eupener- 5
– Ingrid 47057 Basten- 57
– Oliver 47228 Jahn- 11
– Renate 47057 Gneisenau- 211
– Werner 47057 Gneisenau- 211
Schwagrowski Bernd 47269 Donau- 42
– Ruth 47269 Donau- 42
Schwahn Annette 47059 Dillinger- 29
– Barbara 47059 Rheinberger Ring 39
– Edeltraut 47259 Im Alten Bruch 37
– Evelin 47059 Kaiser- 17
– Hans-Jürgen 47059 Rheinberger Ring 39
– Helmut 47059 Rheinberger Ring 39
– Jürgen 47059 Java- 33
– Melanie 47059 Java- 33
– Michael 47059 Dillinger- 29
– Michael 47169 Pollerbruch- 36
– Olaf 47059 Rheinberger Ring 39
– Ulrich 47059 Java- 33
– Wiebke 47169 Pollerbruch- 36
Schwaiger Bernhardine 47239 Schiller- 10
– Herbert 47055 Gärtner- 42
– Theobald 47239 Schiller- 10
Schwaighofer Brigitte 47057 Neue Frucht- 2
Schwake Emma 47167 Holtener- 287
– Ingrid 47167 Basten- 45
– Paul 47167 Basten- 45
– Reiner 47167 Basten- 45
– Ursula 47167 Basten- 45
Schwalb Adalbert 47053 Düsseldorfer- 220
– Edith 47059 Oder- 72
– Eva-Maria 47229 Hohenbudberger- 62
– Kurt 47169 Aldenrader- 45
– Ursula 47058 Hansa- 113
Schwalba Hartmut 47228 Akazienhof 18
– Ursula 47228 Akazienhof 18
Schwalbach Carsten 47138 Bügel- 40
– Elke 47167 Wollin- 6
– Frank 47167 Wollin- 6
– Fritz 47167 Albert-Einstein- 23
– Günter 47167 Wollin- 6
– Wolfgang 47057 Kammer- 86
Schwalbach-Marenberg Lothar 47057 Kammer- 86
Schwalbe Andreas 47057 Graben- 33
Gewerbebetriebe/Dienstleister nach Namen – siehe gelber Teil
A-DU
